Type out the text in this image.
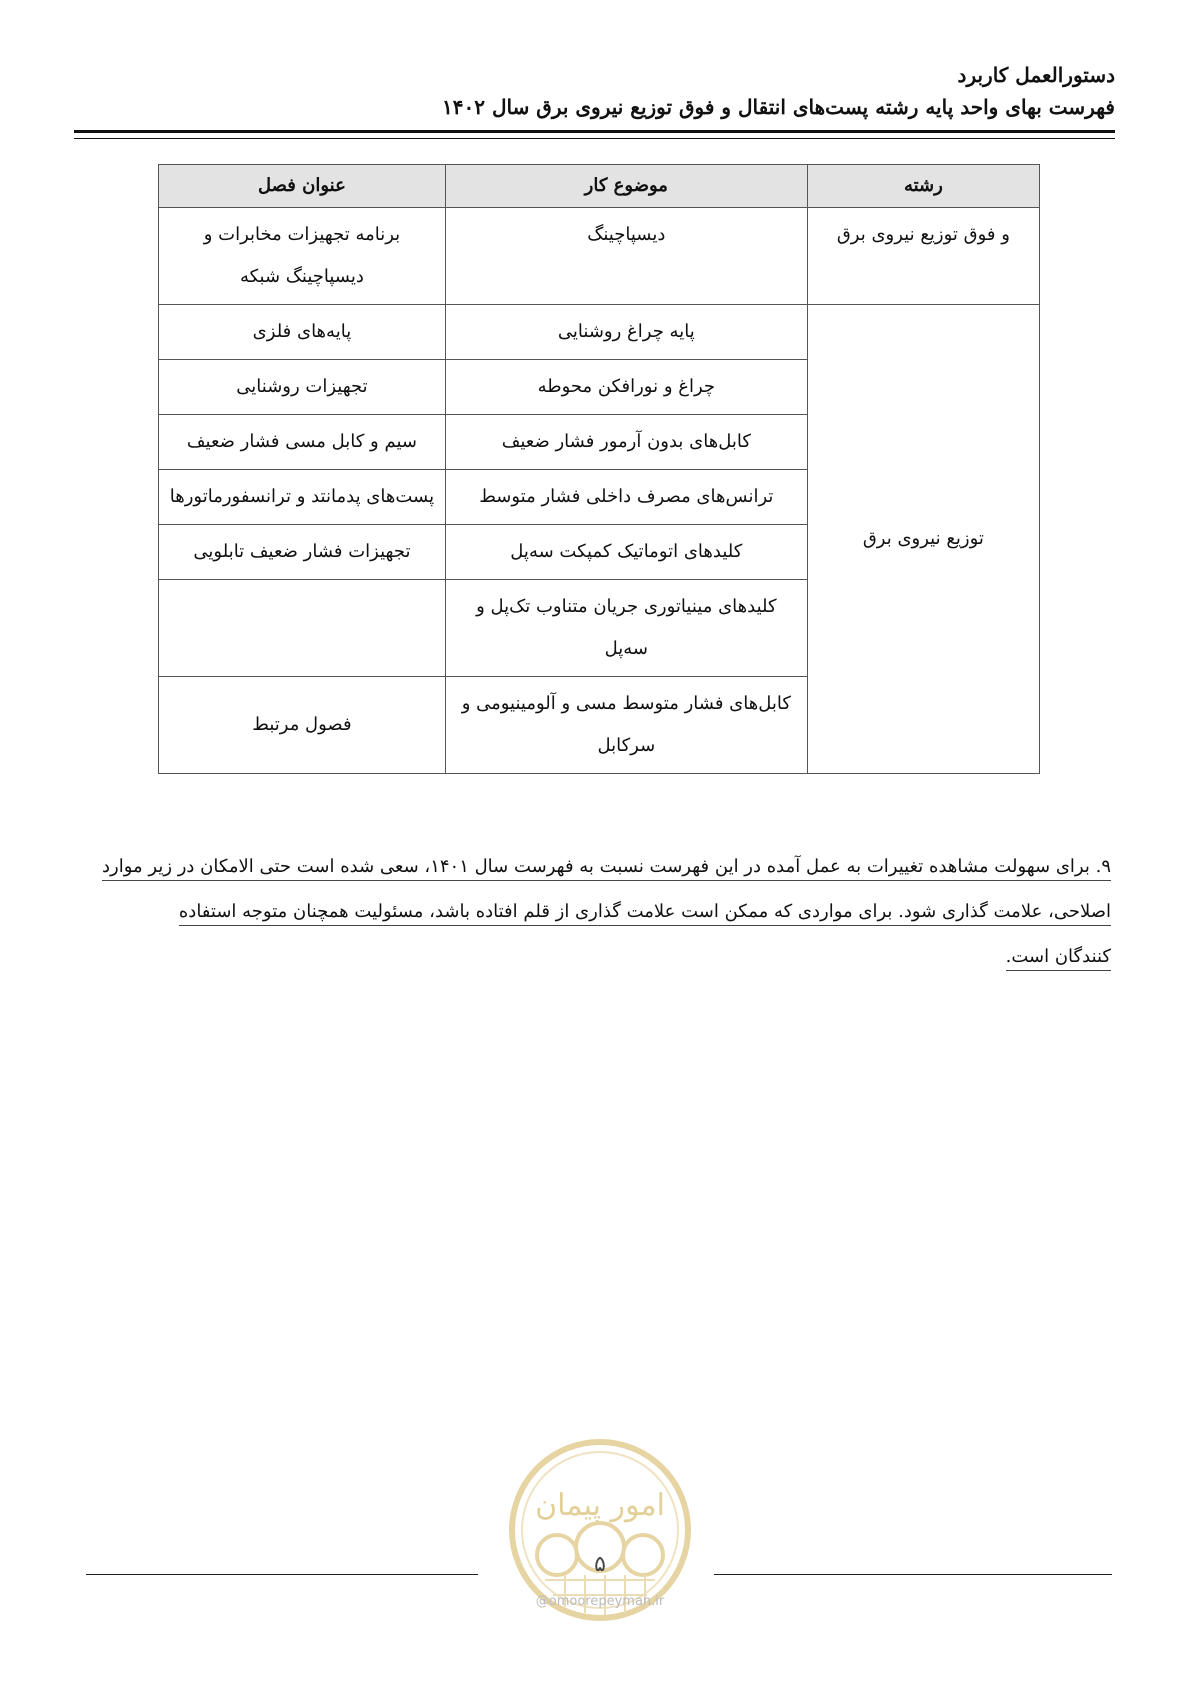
دستورالعمل کاربرد
فهرست بهای واحد پایه رشته پست‌های انتقال و فوق توزیع نیروی برق سال ۱۴۰۲
رشته	موضوع کار	عنوان فصل
و فوق توزیع نیروی برق	دیسپاچینگ	برنامه تجهیزات مخابرات و دیسپاچینگ شبکه
توزیع نیروی برق	پایه چراغ روشنایی	پایه‌های فلزی
	چراغ و نورافکن محوطه	تجهیزات روشنایی
	کابل‌های بدون آرمور فشار ضعیف	سیم و کابل مسی فشار ضعیف
	ترانس‌های مصرف داخلی فشار متوسط	پست‌های پدمانتد و ترانسفورماتورها
	کلیدهای اتوماتیک کمپکت سه‌پل	تجهیزات فشار ضعیف تابلویی
	کلیدهای مینیاتوری جریان متناوب تک‌پل و سه‌پل	
	کابل‌های فشار متوسط مسی و آلومینیومی و سرکابل	فصول مرتبط
۹. برای سهولت مشاهده تغییرات به عمل آمده در این فهرست نسبت به فهرست سال ۱۴۰۱، سعی شده است حتی الامکان در زیر موارد
اصلاحی، علامت گذاری شود. برای مواردی که ممکن است علامت گذاری از قلم افتاده باشد، مسئولیت همچنان متوجه استفاده
کنندگان است.
امور پیمان
۵
@omoorepeyman.ir
